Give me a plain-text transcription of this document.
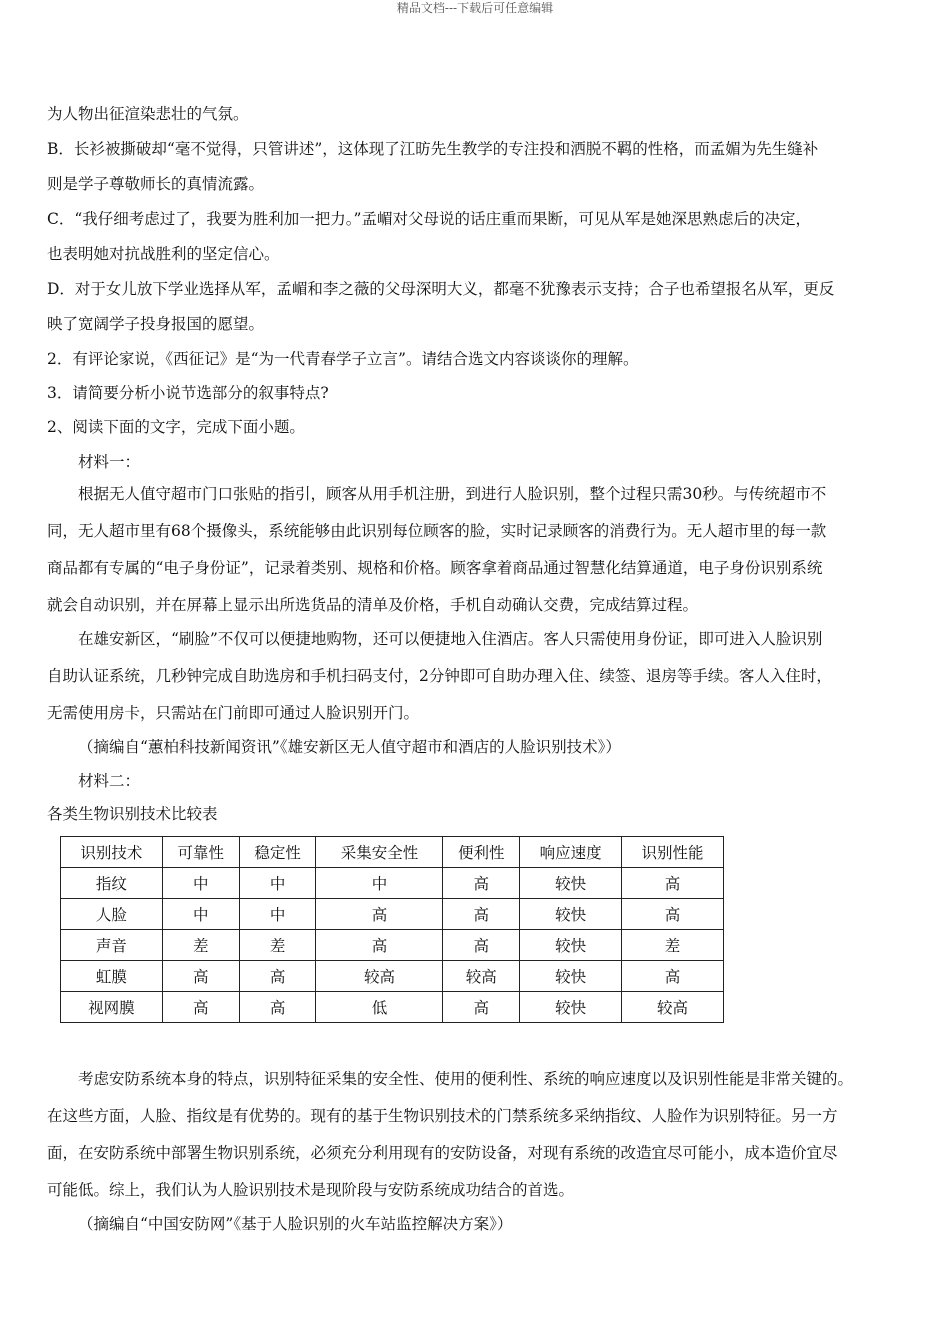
精品文档---下载后可任意编辑
为人物出征渲染悲壮的气氛。
B．长衫被撕破却“毫不觉得，只管讲述”，这体现了江昉先生教学的专注投和洒脱不羁的性格，而孟媚为先生缝补
则是学子尊敬师长的真情流露。
C．“我仔细考虑过了，我要为胜利加一把力。”孟嵋对父母说的话庄重而果断，可见从军是她深思熟虑后的决定，
也表明她对抗战胜利的坚定信心。
D．对于女儿放下学业选择从军，孟嵋和李之薇的父母深明大义，都毫不犹豫表示支持；合子也希望报名从军，更反
映了宽阔学子投身报国的愿望。
2．有评论家说，《西征记》是“为一代青春学子立言”。请结合选文内容谈谈你的理解。
3．请简要分析小说节选部分的叙事特点?
2、阅读下面的文字，完成下面小题。
材料一：
根据无人值守超市门口张贴的指引，顾客从用手机注册，到进行人脸识别，整个过程只需30秒。与传统超市不
同，无人超市里有68个摄像头，系统能够由此识别每位顾客的脸，实时记录顾客的消费行为。无人超市里的每一款
商品都有专属的“电子身份证”，记录着类别、规格和价格。顾客拿着商品通过智慧化结算通道，电子身份识别系统
就会自动识别，并在屏幕上显示出所选货品的清单及价格，手机自动确认交费，完成结算过程。
在雄安新区，“刷脸”不仅可以便捷地购物，还可以便捷地入住酒店。客人只需使用身份证，即可进入人脸识别
自助认证系统，几秒钟完成自助选房和手机扫码支付，2分钟即可自助办理入住、续签、退房等手续。客人入住时，
无需使用房卡，只需站在门前即可通过人脸识别开门。
（摘编自“蕙柏科技新闻资讯”《雄安新区无人值守超市和酒店的人脸识别技术》）
材料二：
各类生物识别技术比较表
考虑安防系统本身的特点，识别特征采集的安全性、使用的便利性、系统的响应速度以及识别性能是非常关键的。
在这些方面，人脸、指纹是有优势的。现有的基于生物识别技术的门禁系统多采纳指纹、人脸作为识别特征。另一方
面，在安防系统中部署生物识别系统，必须充分利用现有的安防设备，对现有系统的改造宜尽可能小，成本造价宜尽
可能低。综上，我们认为人脸识别技术是现阶段与安防系统成功结合的首选。
（摘编自“中国安防网”《基于人脸识别的火车站监控解决方案》）
识别技术	可靠性	稳定性	采集安全性	便利性	响应速度	识别性能
指纹	中	中	中	高	较快	高
人脸	中	中	高	高	较快	高
声音	差	差	高	高	较快	差
虹膜	高	高	较高	较高	较快	高
视网膜	高	高	低	高	较快	较高
